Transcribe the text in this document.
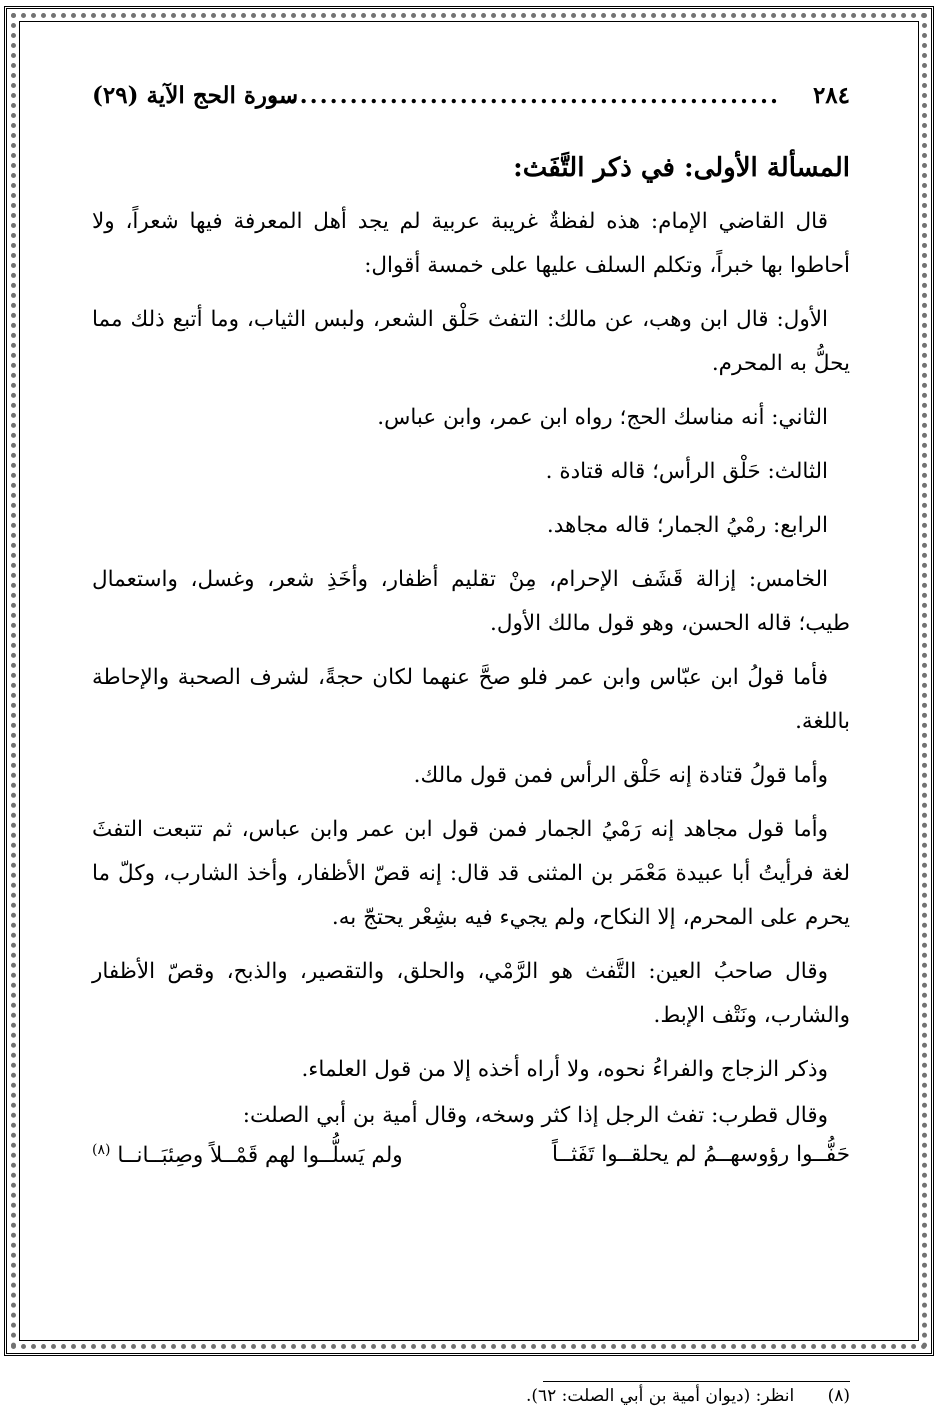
٢٨٤
...................................................
سورة الحج الآية (٢٩)
المسألة الأولى: في ذكر التَّفَث:

قال القاضي الإمام: هذه لفظةٌ غريبة عربية لم يجد أهل المعرفة فيها شعراً، ولا أحاطوا بها خبراً، وتكلم السلف عليها على خمسة أقوال:

الأول: قال ابن وهب، عن مالك: التفث حَلْق الشعر، ولبس الثياب، وما أتبع ذلك مما يحلُّ به المحرم.

الثاني: أنه مناسك الحج؛ رواه ابن عمر، وابن عباس.

الثالث: حَلْق الرأس؛ قاله قتادة .

الرابع: رمْيُ الجمار؛ قاله مجاهد.

الخامس: إزالة قَشَف الإحرام، مِنْ تقليم أظفار، وأخَذِ شعر، وغسل، واستعمال طيب؛ قاله الحسن، وهو قول مالك الأول.

فأما قولُ ابن عبّاس وابن عمر فلو صحَّ عنهما لكان حجةً، لشرف الصحبة والإحاطة باللغة.

وأما قولُ قتادة إنه حَلْق الرأس فمن قول مالك.

وأما قول مجاهد إنه رَمْيُ الجمار فمن قول ابن عمر وابن عباس، ثم تتبعت التفثَ لغة فرأيتُ أبا عبيدة مَعْمَر بن المثنى قد قال: إنه قصّ الأظفار، وأخذ الشارب، وكلّ ما يحرم على المحرم، إلا النكاح، ولم يجيء فيه بشِعْر يحتجّ به.

وقال صاحبُ العين: التَّفث هو الرَّمْي، والحلق، والتقصير، والذبح، وقصّ الأظفار والشارب، ونَتْف الإبط.

وذكر الزجاج والفراءُ نحوه، ولا أراه أخذه إلا من قول العلماء.

وقال قطرب: تفث الرجل إذا كثر وسخه، وقال أمية بن أبي الصلت:

حَفُّــوا رؤوسهــمُ لم يحلقــوا تَفَثــاً
ولم يَسلُّــوا لهم قَمْــلاً وصِئبَــانــا $^{(٨)}$
(٨) انظر: (ديوان أمية بن أبي الصلت: ٦٢).
